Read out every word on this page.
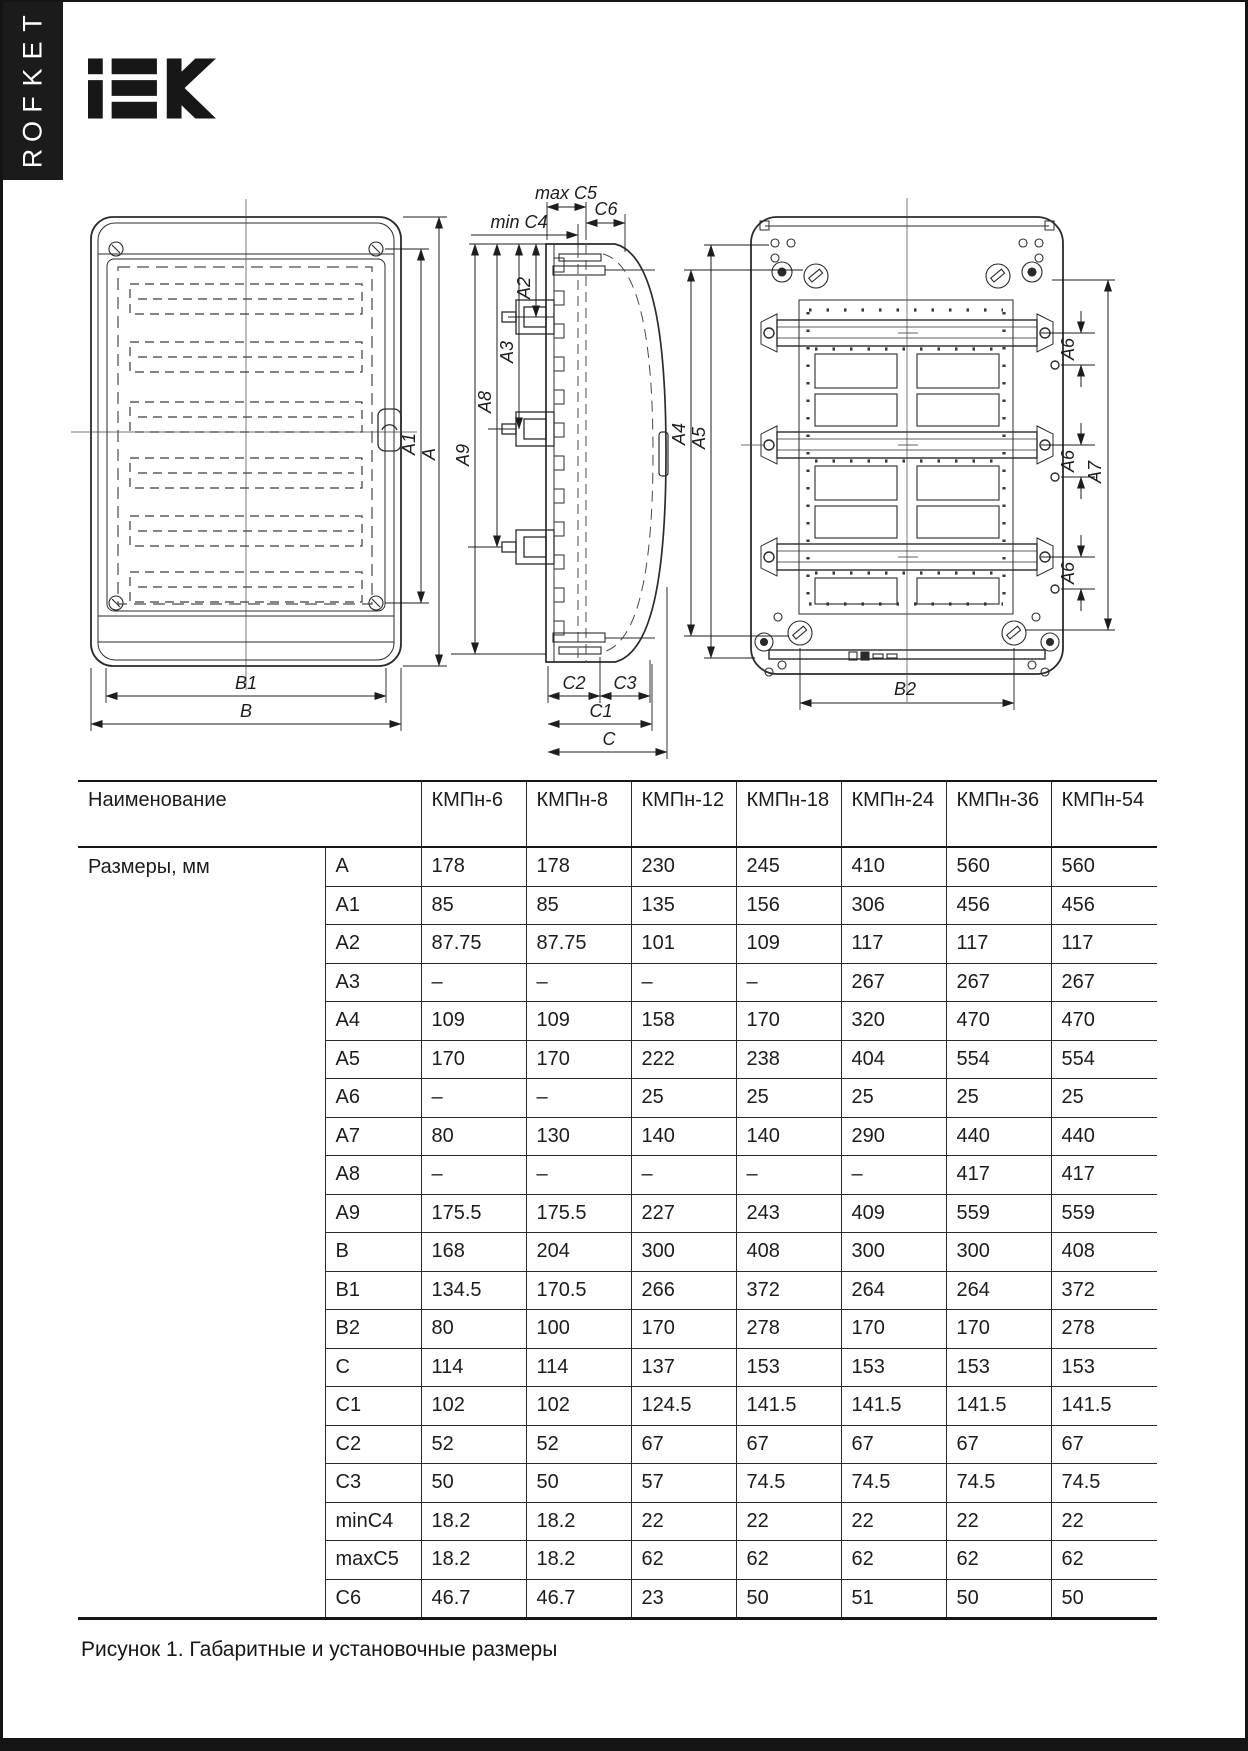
T
E
K
F
O
R
A1 A
B1
B
max C5
C6
min C4
A2
A3
A8
A9
C2 C3
C1
C
A4 A5
A6
A6
A6
A7
B2
Наименование		КМПн-6	КМПн-8	КМПн-12	КМПн-18	КМПн-24	КМПн-36	КМПн-54
Размеры, мм	A	178	178	230	245	410	560	560
	A1	85	85	135	156	306	456	456
	A2	87.75	87.75	101	109	117	117	117
	A3	–	–	–	–	267	267	267
	A4	109	109	158	170	320	470	470
	A5	170	170	222	238	404	554	554
	A6	–	–	25	25	25	25	25
	A7	80	130	140	140	290	440	440
	A8	–	–	–	–	–	417	417
	A9	175.5	175.5	227	243	409	559	559
	B	168	204	300	408	300	300	408
	B1	134.5	170.5	266	372	264	264	372
	B2	80	100	170	278	170	170	278
	C	114	114	137	153	153	153	153
	C1	102	102	124.5	141.5	141.5	141.5	141.5
	C2	52	52	67	67	67	67	67
	C3	50	50	57	74.5	74.5	74.5	74.5
	minC4	18.2	18.2	22	22	22	22	22
	maxC5	18.2	18.2	62	62	62	62	62
	C6	46.7	46.7	23	50	51	50	50
Рисунок 1. Габаритные и установочные размеры
